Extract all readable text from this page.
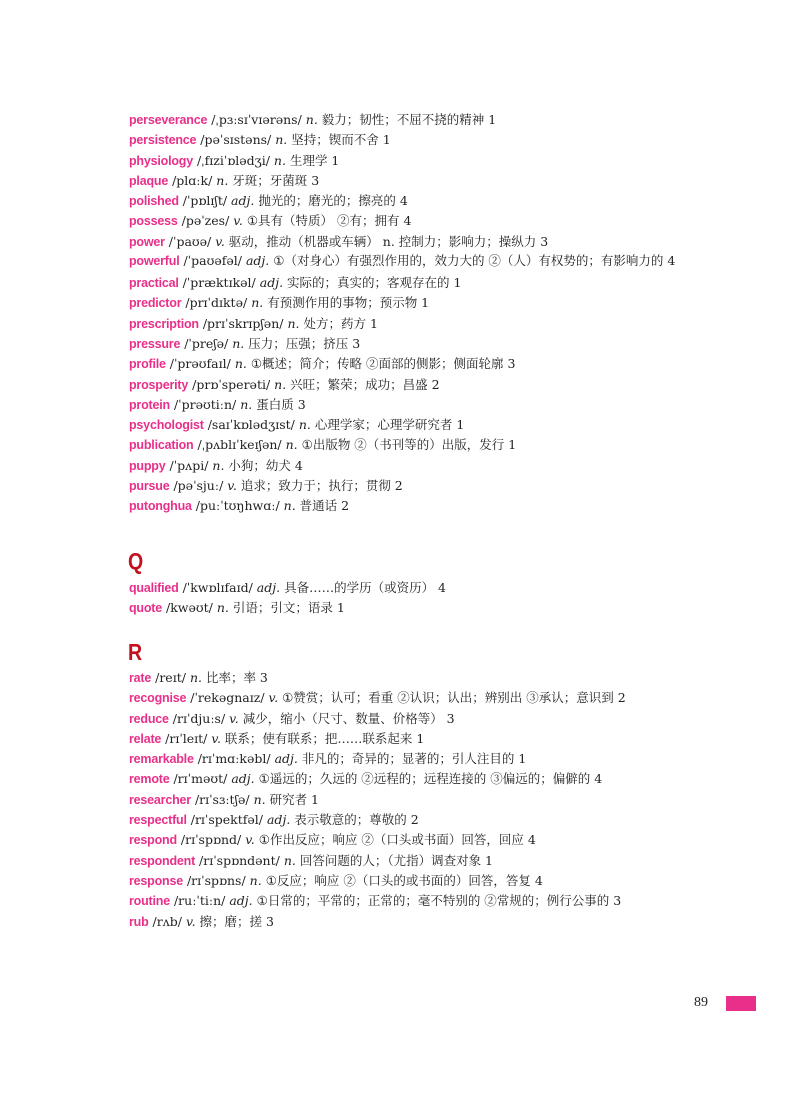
perseverance /ˌpɜːsɪˈvɪərəns/ n. 毅力；韧性；不屈不挠的精神 1
persistence /pəˈsɪstəns/ n. 坚持；锲而不舍 1
physiology /ˌfɪziˈɒlədʒi/ n. 生理学 1
plaque /plɑːk/ n. 牙斑；牙菌斑 3
polished /ˈpɒlɪʃt/ adj. 抛光的；磨光的；擦亮的 4
possess /pəˈzes/ v. ①具有（特质） ②有；拥有 4
power /ˈpaʊə/ v. 驱动，推动（机器或车辆） n. 控制力；影响力；操纵力 3
powerful /ˈpaʊəfəl/ adj. ①（对身心）有强烈作用的，效力大的 ②（人）有权势的；有影响力的 4
practical /ˈpræktɪkəl/ adj. 实际的；真实的；客观存在的 1
predictor /prɪˈdɪktə/ n. 有预测作用的事物；预示物 1
prescription /prɪˈskrɪpʃən/ n. 处方；药方 1
pressure /ˈpreʃə/ n. 压力；压强；挤压 3
profile /ˈprəʊfaɪl/ n. ①概述；简介；传略 ②面部的侧影；侧面轮廓 3
prosperity /prɒˈsperəti/ n. 兴旺；繁荣；成功；昌盛 2
protein /ˈprəʊtiːn/ n. 蛋白质 3
psychologist /saɪˈkɒlədʒɪst/ n. 心理学家；心理学研究者 1
publication /ˌpʌblɪˈkeɪʃən/ n. ①出版物 ②（书刊等的）出版，发行 1
puppy /ˈpʌpi/ n. 小狗；幼犬 4
pursue /pəˈsjuː/ v. 追求；致力于；执行；贯彻 2
putonghua /puːˈtʊŋhwɑː/ n. 普通话 2
Q
qualified /ˈkwɒlɪfaɪd/ adj. 具备……的学历（或资历） 4
quote /kwəʊt/ n. 引语；引文；语录 1
R
rate /reɪt/ n. 比率；率 3
recognise /ˈrekəgnaɪz/ v. ①赞赏；认可；看重 ②认识；认出；辨别出 ③承认；意识到 2
reduce /rɪˈdjuːs/ v. 减少，缩小（尺寸、数量、价格等） 3
relate /rɪˈleɪt/ v. 联系；使有联系；把……联系起来 1
remarkable /rɪˈmɑːkəbl/ adj. 非凡的；奇异的；显著的；引人注目的 1
remote /rɪˈməʊt/ adj. ①遥远的；久远的 ②远程的；远程连接的 ③偏远的；偏僻的 4
researcher /rɪˈsɜːtʃə/ n. 研究者 1
respectful /rɪˈspektfəl/ adj. 表示敬意的；尊敬的 2
respond /rɪˈspɒnd/ v. ①作出反应；响应 ②（口头或书面）回答，回应 4
respondent /rɪˈspɒndənt/ n. 回答问题的人；（尤指）调查对象 1
response /rɪˈspɒns/ n. ①反应；响应 ②（口头的或书面的）回答，答复 4
routine /ruːˈtiːn/ adj. ①日常的；平常的；正常的；毫不特别的 ②常规的；例行公事的 3
rub /rʌb/ v. 擦；磨；搓 3
89
